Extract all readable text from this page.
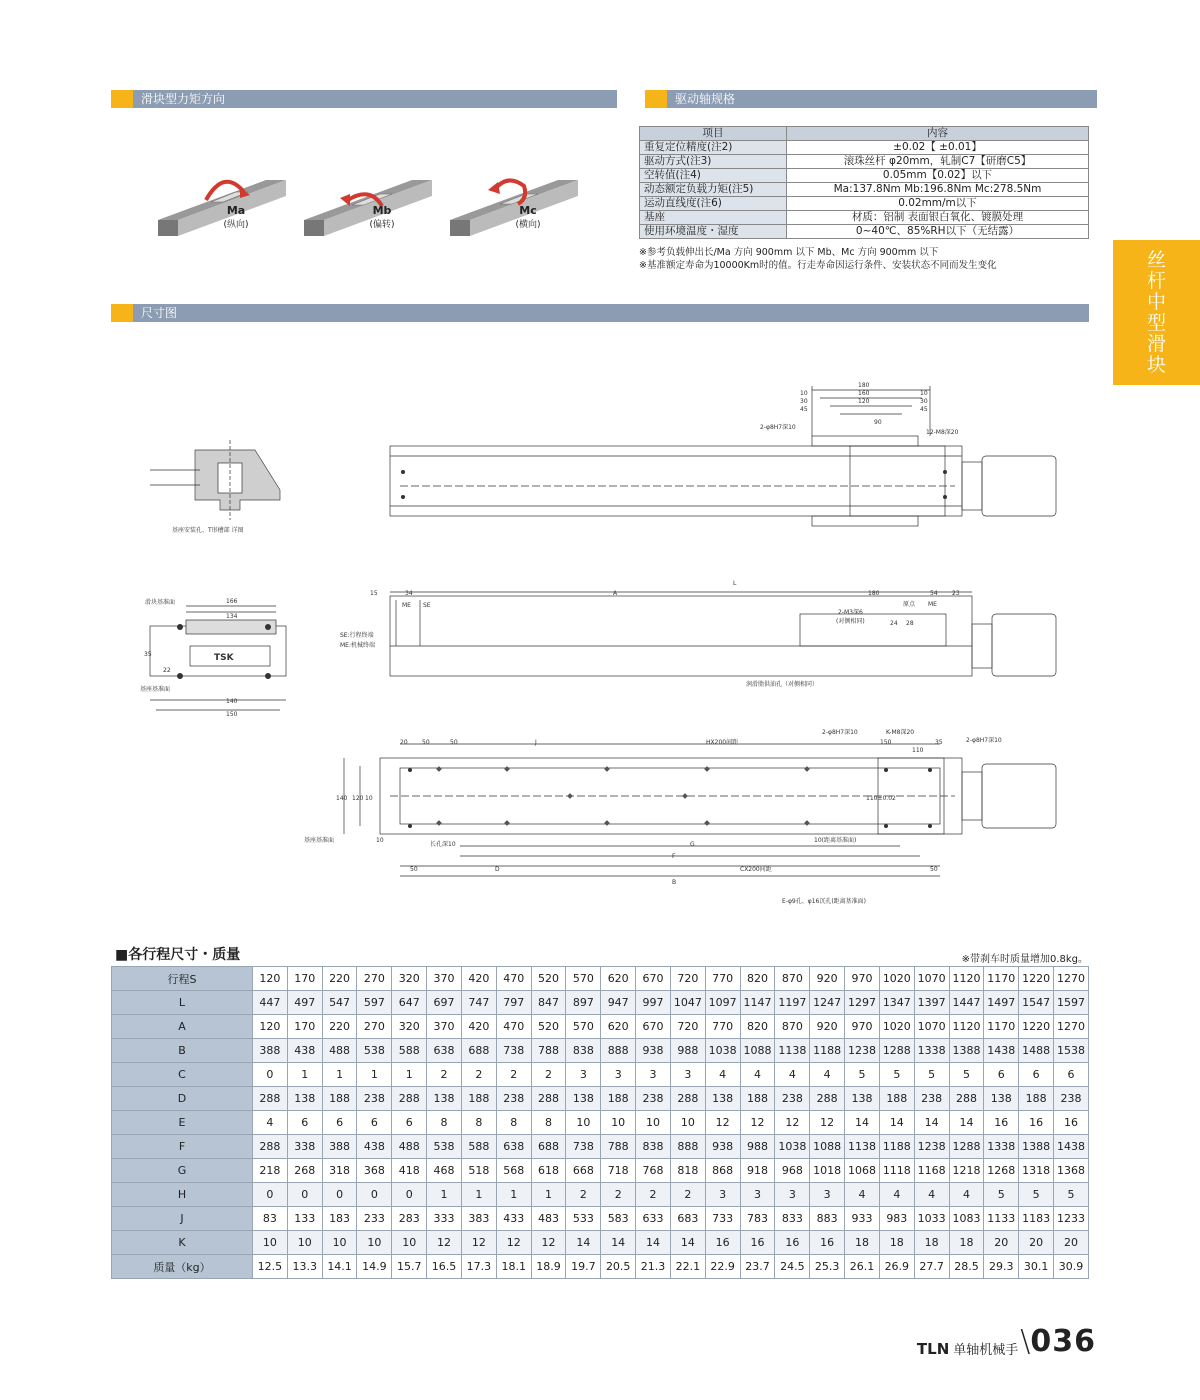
滑块型力矩方向	驱动轴规格
尺寸图
丝杆中型滑块
Ma
(纵向)
Mb
(偏转)
Mc
(横向)
项目	内容
重复定位精度(注2)	±0.02【 ±0.01】
驱动方式(注3)	滚珠丝杆 φ20mm，轧制C7【研磨C5】
空转值(注4)	0.05mm【0.02】以下
动态额定负载力矩(注5)	Ma:137.8Nm Mb:196.8Nm Mc:278.5Nm
运动直线度(注6)	0.02mm/m以下
基座	材质：铝制 表面银白氧化、镀膜处理
使用环境温度・湿度	0~40℃、85%RH以下（无结露）
※参考负载伸出长/Ma 方向 900mm 以下 Mb、Mc 方向 900mm 以下
※基准额定寿命为10000Km时的值。行走寿命因运行条件、安装状态不同而发生变化
基座安装孔、T形槽部 详图
180
160
120
90
10
30
45
10
30
45
2-φ8H7深10
12-M8深20
15	34	A
L
180	54 23
ME SE	原点 ME
SE:行程终端
ME:机械终端
2-M3深6
(对侧相同)	24 28
润滑脂供油孔（对侧相同）
166
134
140
150
35
22
滑块基准面
基座基准面
TSK
20 50	50	J	HX200间距
2-φ8H7深10	K-M8深20
150	35
110
2-φ8H7深10
长孔深10
10(距离基准面)
G
F
50	D	CX200间距	50
B
E-φ9孔、φ16沉孔(距离基准面)
基座基准面
140 120 10
10
110±0.02
■各行程尺寸・质量	※带刹车时质量增加0.8kg。
行程S	120	170	220	270	320	370	420	470	520	570	620	670	720	770	820	870	920	970	1020	1070	1120	1170	1220	1270
L	447	497	547	597	647	697	747	797	847	897	947	997	1047	1097	1147	1197	1247	1297	1347	1397	1447	1497	1547	1597
A	120	170	220	270	320	370	420	470	520	570	620	670	720	770	820	870	920	970	1020	1070	1120	1170	1220	1270
B	388	438	488	538	588	638	688	738	788	838	888	938	988	1038	1088	1138	1188	1238	1288	1338	1388	1438	1488	1538
C	0	1	1	1	1	2	2	2	2	3	3	3	3	4	4	4	4	5	5	5	5	6	6	6
D	288	138	188	238	288	138	188	238	288	138	188	238	288	138	188	238	288	138	188	238	288	138	188	238
E	4	6	6	6	6	8	8	8	8	10	10	10	10	12	12	12	12	14	14	14	14	16	16	16
F	288	338	388	438	488	538	588	638	688	738	788	838	888	938	988	1038	1088	1138	1188	1238	1288	1338	1388	1438
G	218	268	318	368	418	468	518	568	618	668	718	768	818	868	918	968	1018	1068	1118	1168	1218	1268	1318	1368
H	0	0	0	0	0	1	1	1	1	2	2	2	2	3	3	3	3	4	4	4	4	5	5	5
J	83	133	183	233	283	333	383	433	483	533	583	633	683	733	783	833	883	933	983	1033	1083	1133	1183	1233
K	10	10	10	10	10	12	12	12	12	14	14	14	14	16	16	16	16	18	18	18	18	20	20	20
质量（kg）	12.5	13.3	14.1	14.9	15.7	16.5	17.3	18.1	18.9	19.7	20.5	21.3	22.1	22.9	23.7	24.5	25.3	26.1	26.9	27.7	28.5	29.3	30.1	30.9
TLN 单轴机械手 \ 036
